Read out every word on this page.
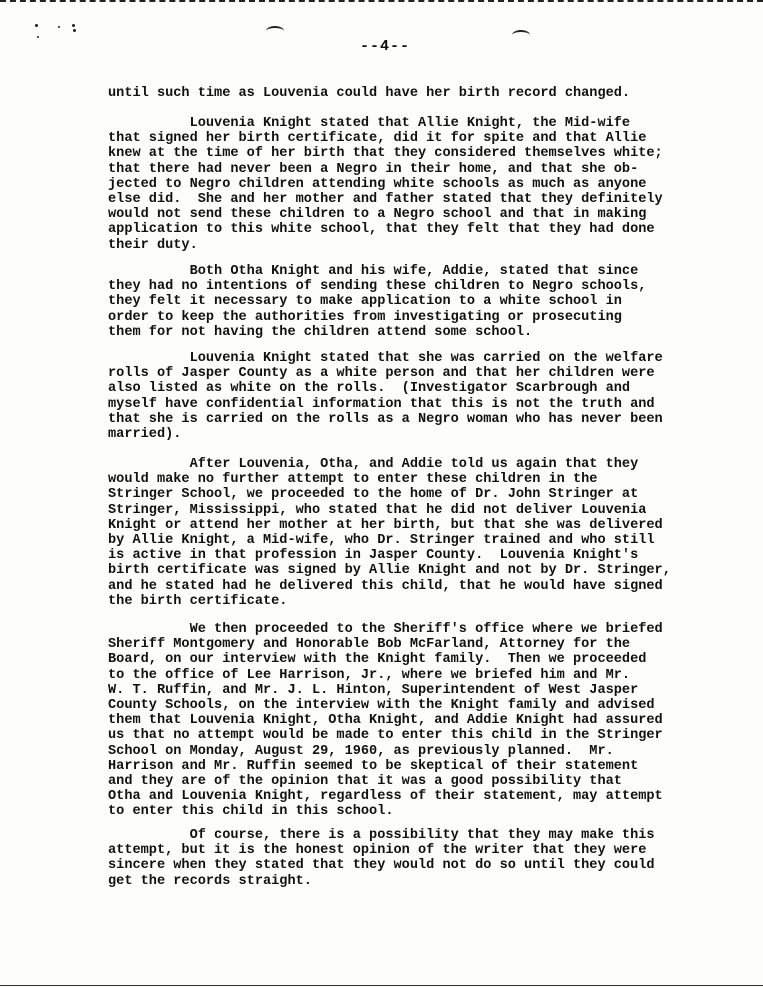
--4--

until such time as Louvenia could have her birth record changed.

Louvenia Knight stated that Allie Knight, the Mid-wife
that signed her birth certificate, did it for spite and that Allie
knew at the time of her birth that they considered themselves white;
that there had never been a Negro in their home, and that she ob-
jected to Negro children attending white schools as much as anyone
else did.  She and her mother and father stated that they definitely
would not send these children to a Negro school and that in making
application to this white school, that they felt that they had done
their duty.

Both Otha Knight and his wife, Addie, stated that since
they had no intentions of sending these children to Negro schools,
they felt it necessary to make application to a white school in
order to keep the authorities from investigating or prosecuting
them for not having the children attend some school.

Louvenia Knight stated that she was carried on the welfare
rolls of Jasper County as a white person and that her children were
also listed as white on the rolls.  (Investigator Scarbrough and
myself have confidential information that this is not the truth and
that she is carried on the rolls as a Negro woman who has never been
married).

After Louvenia, Otha, and Addie told us again that they
would make no further attempt to enter these children in the
Stringer School, we proceeded to the home of Dr. John Stringer at
Stringer, Mississippi, who stated that he did not deliver Louvenia
Knight or attend her mother at her birth, but that she was delivered
by Allie Knight, a Mid-wife, who Dr. Stringer trained and who still
is active in that profession in Jasper County.  Louvenia Knight's
birth certificate was signed by Allie Knight and not by Dr. Stringer,
and he stated had he delivered this child, that he would have signed
the birth certificate.

We then proceeded to the Sheriff's office where we briefed
Sheriff Montgomery and Honorable Bob McFarland, Attorney for the
Board, on our interview with the Knight family.  Then we proceeded
to the office of Lee Harrison, Jr., where we briefed him and Mr.
W. T. Ruffin, and Mr. J. L. Hinton, Superintendent of West Jasper
County Schools, on the interview with the Knight family and advised
them that Louvenia Knight, Otha Knight, and Addie Knight had assured
us that no attempt would be made to enter this child in the Stringer
School on Monday, August 29, 1960, as previously planned.  Mr.
Harrison and Mr. Ruffin seemed to be skeptical of their statement
and they are of the opinion that it was a good possibility that
Otha and Louvenia Knight, regardless of their statement, may attempt
to enter this child in this school.

Of course, there is a possibility that they may make this
attempt, but it is the honest opinion of the writer that they were
sincere when they stated that they would not do so until they could
get the records straight.
